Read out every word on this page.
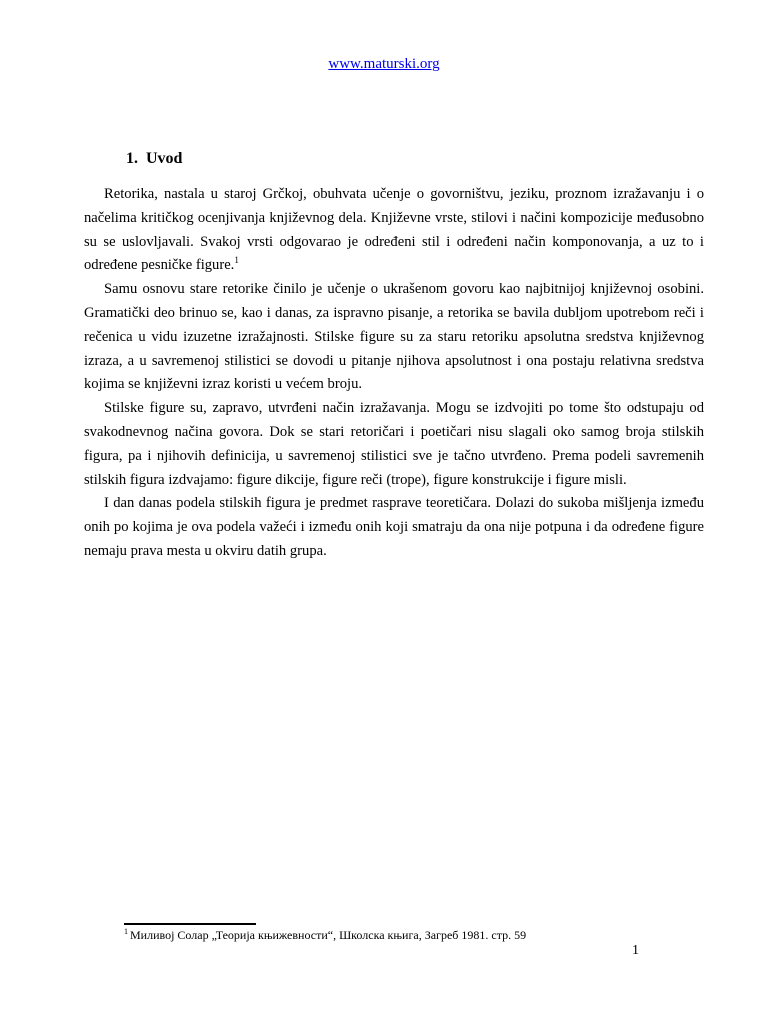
www.maturski.org
1. Uvod

Retorika, nastala u staroj Grčkoj, obuhvata učenje o govorništvu, jeziku, proznom izražavanju i o načelima kritičkog ocenjivanja književnog dela. Književne vrste, stilovi i načini kompozicije međusobno su se uslovljavali. Svakoj vrsti odgovarao je određeni stil i određeni način komponovanja, a uz to i određene pesničke figure.$^1$

Samu osnovu stare retorike činilo je učenje o ukrašenom govoru kao najbitnijoj književnoj osobini. Gramatički deo brinuo se, kao i danas, za ispravno pisanje, a retorika se bavila dubljom upotrebom reči i rečenica u vidu izuzetne izražajnosti. Stilske figure su za staru retoriku apsolutna sredstva književnog izraza, a u savremenoj stilistici se dovodi u pitanje njihova apsolutnost i ona postaju relativna sredstva kojima se književni izraz koristi u većem broju.

Stilske figure su, zapravo, utvrđeni način izražavanja. Mogu se izdvojiti po tome što odstupaju od svakodnevnog načina govora. Dok se stari retoričari i poetičari nisu slagali oko samog broja stilskih figura, pa i njihovih definicija, u savremenoj stilistici sve je tačno utvrđeno. Prema podeli savremenih stilskih figura izdvajamo: figure dikcije, figure reči (trope), figure konstrukcije i figure misli.

I dan danas podela stilskih figura je predmet rasprave teoretičara. Dolazi do sukoba mišljenja između onih po kojima je ova podela važeći i između onih koji smatraju da ona nije potpuna i da određene figure nemaju prava mesta u okviru datih grupa.

$^1$ Миливој Солар „Теорија књижевности“, Школска књига, Загреб 1981. стр. 59
1
